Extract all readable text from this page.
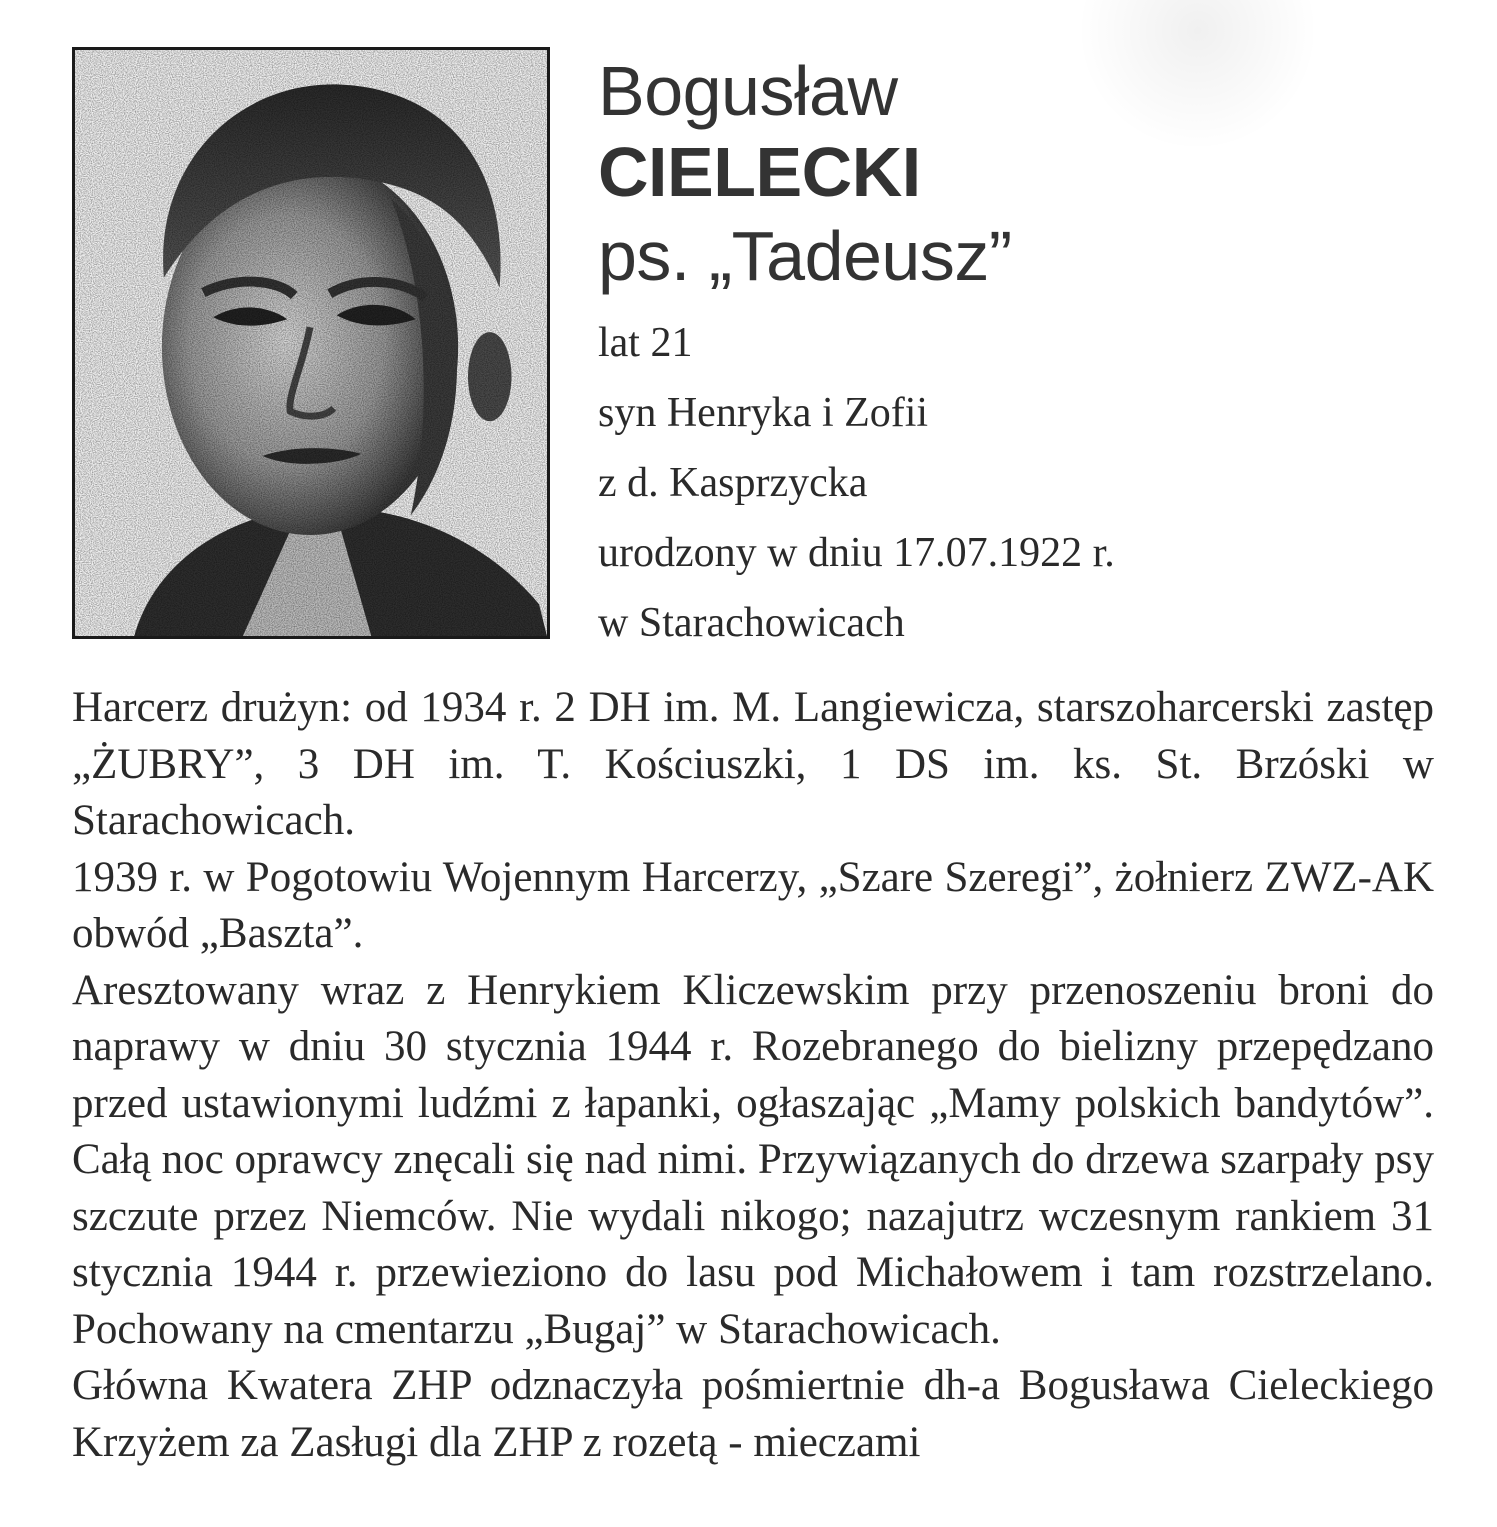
Bogusław
CIELECKI
ps. „Tadeusz”
lat 21
syn Henryka i Zofii
z d. Kasprzycka
urodzony w dniu 17.07.1922 r.
w Starachowicach

Harcerz drużyn: od 1934 r. 2 DH im. M. Langiewicza, starszoharcerski zastęp „ŻUBRY”, 3 DH im. T. Kościuszki, 1 DS im. ks. St. Brzóski w Starachowicach.

1939 r. w Pogotowiu Wojennym Harcerzy, „Szare Szeregi”, żołnierz ZWZ-AK obwód „Baszta”.

Aresztowany wraz z Henrykiem Kliczewskim przy przenoszeniu broni do naprawy w dniu 30 stycznia 1944 r. Rozebranego do bielizny przepędzano przed ustawionymi ludźmi z łapanki, ogłaszając „Mamy polskich bandytów”. Całą noc oprawcy znęcali się nad nimi. Przywiązanych do drzewa szarpały psy szczute przez Niemców. Nie wydali nikogo; nazajutrz wczesnym rankiem 31 stycznia 1944 r. przewieziono do lasu pod Michałowem i tam rozstrzelano. Pochowany na cmentarzu „Bugaj” w Starachowicach.

Główna Kwatera ZHP odznaczyła pośmiertnie dh-a Bogusława Cieleckiego Krzyżem za Zasługi dla ZHP z rozetą - mieczami
